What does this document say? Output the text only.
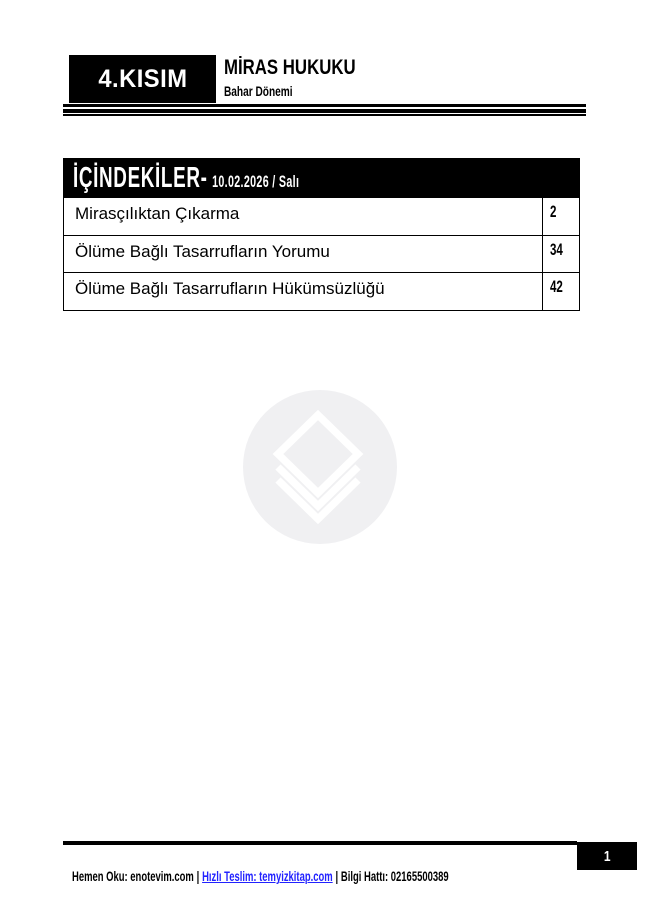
4.KISIM MİRAS HUKUKU
Bahar Dönemi
İÇİNDEKİLER- 10.02.2026 / Salı
Mirasçılıktan Çıkarma	2
Ölüme Bağlı Tasarrufların Yorumu	34
Ölüme Bağlı Tasarrufların Hükümsüzlüğü	42
1
Hemen Oku: enotevim.com | Hızlı Teslim: temyizkitap.com | Bilgi Hattı: 02165500389
